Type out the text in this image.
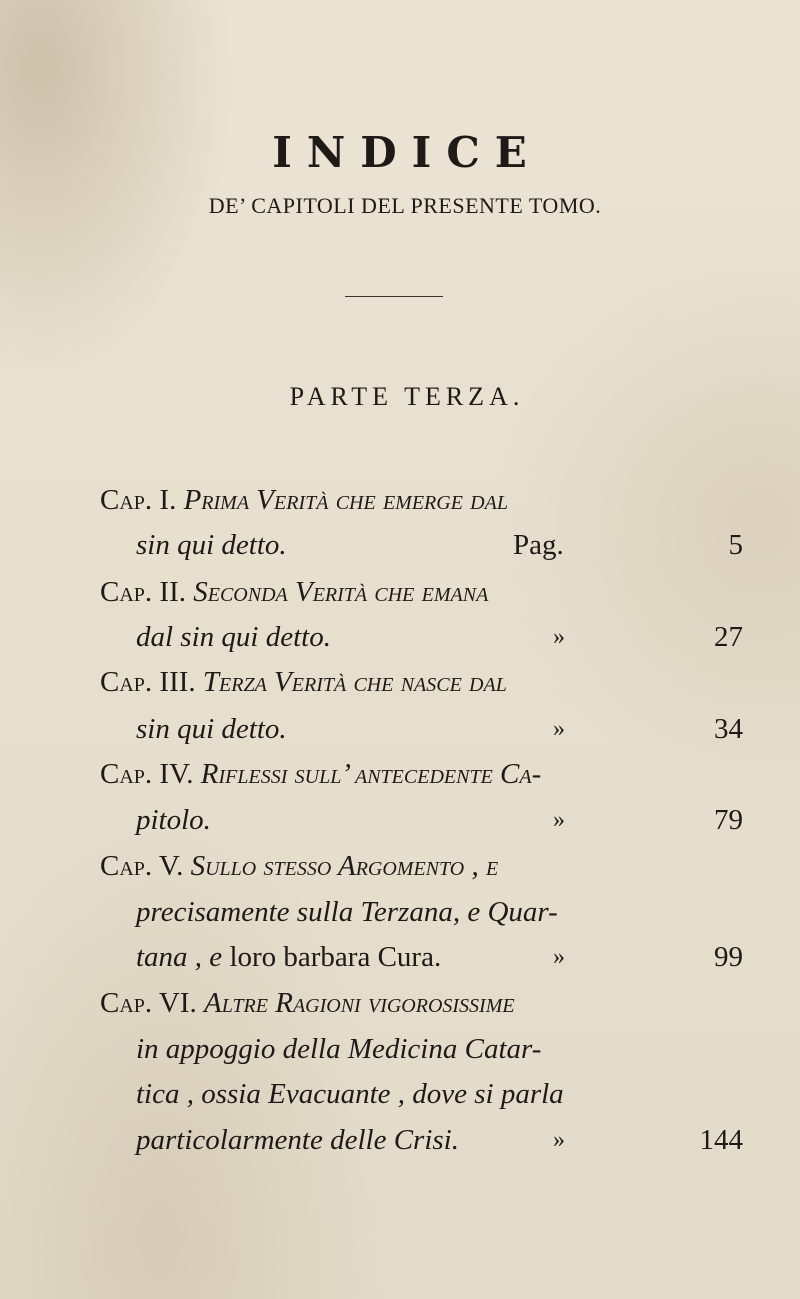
INDICE
DE’ CAPITOLI DEL PRESENTE TOMO.
PARTE TERZA.
Cap. I. Prima Verità che emerge dal
sin qui detto.	Pag.	5
Cap. II. Seconda Verità che emana
dal sin qui detto.	»	27
Cap. III. Terza Verità che nasce dal
sin qui detto.	»	34
Cap. IV. Riflessi sull’ antecedente Ca-
pitolo.	»	79
Cap. V. Sullo stesso Argomento , e
precisamente sulla Terzana, e Quar-
tana , e loro barbara Cura.	»	99
Cap. VI. Altre Ragioni vigorosissime
in appoggio della Medicina Catar-
tica , ossia Evacuante , dove si parla
particolarmente delle Crisi.	»	144
